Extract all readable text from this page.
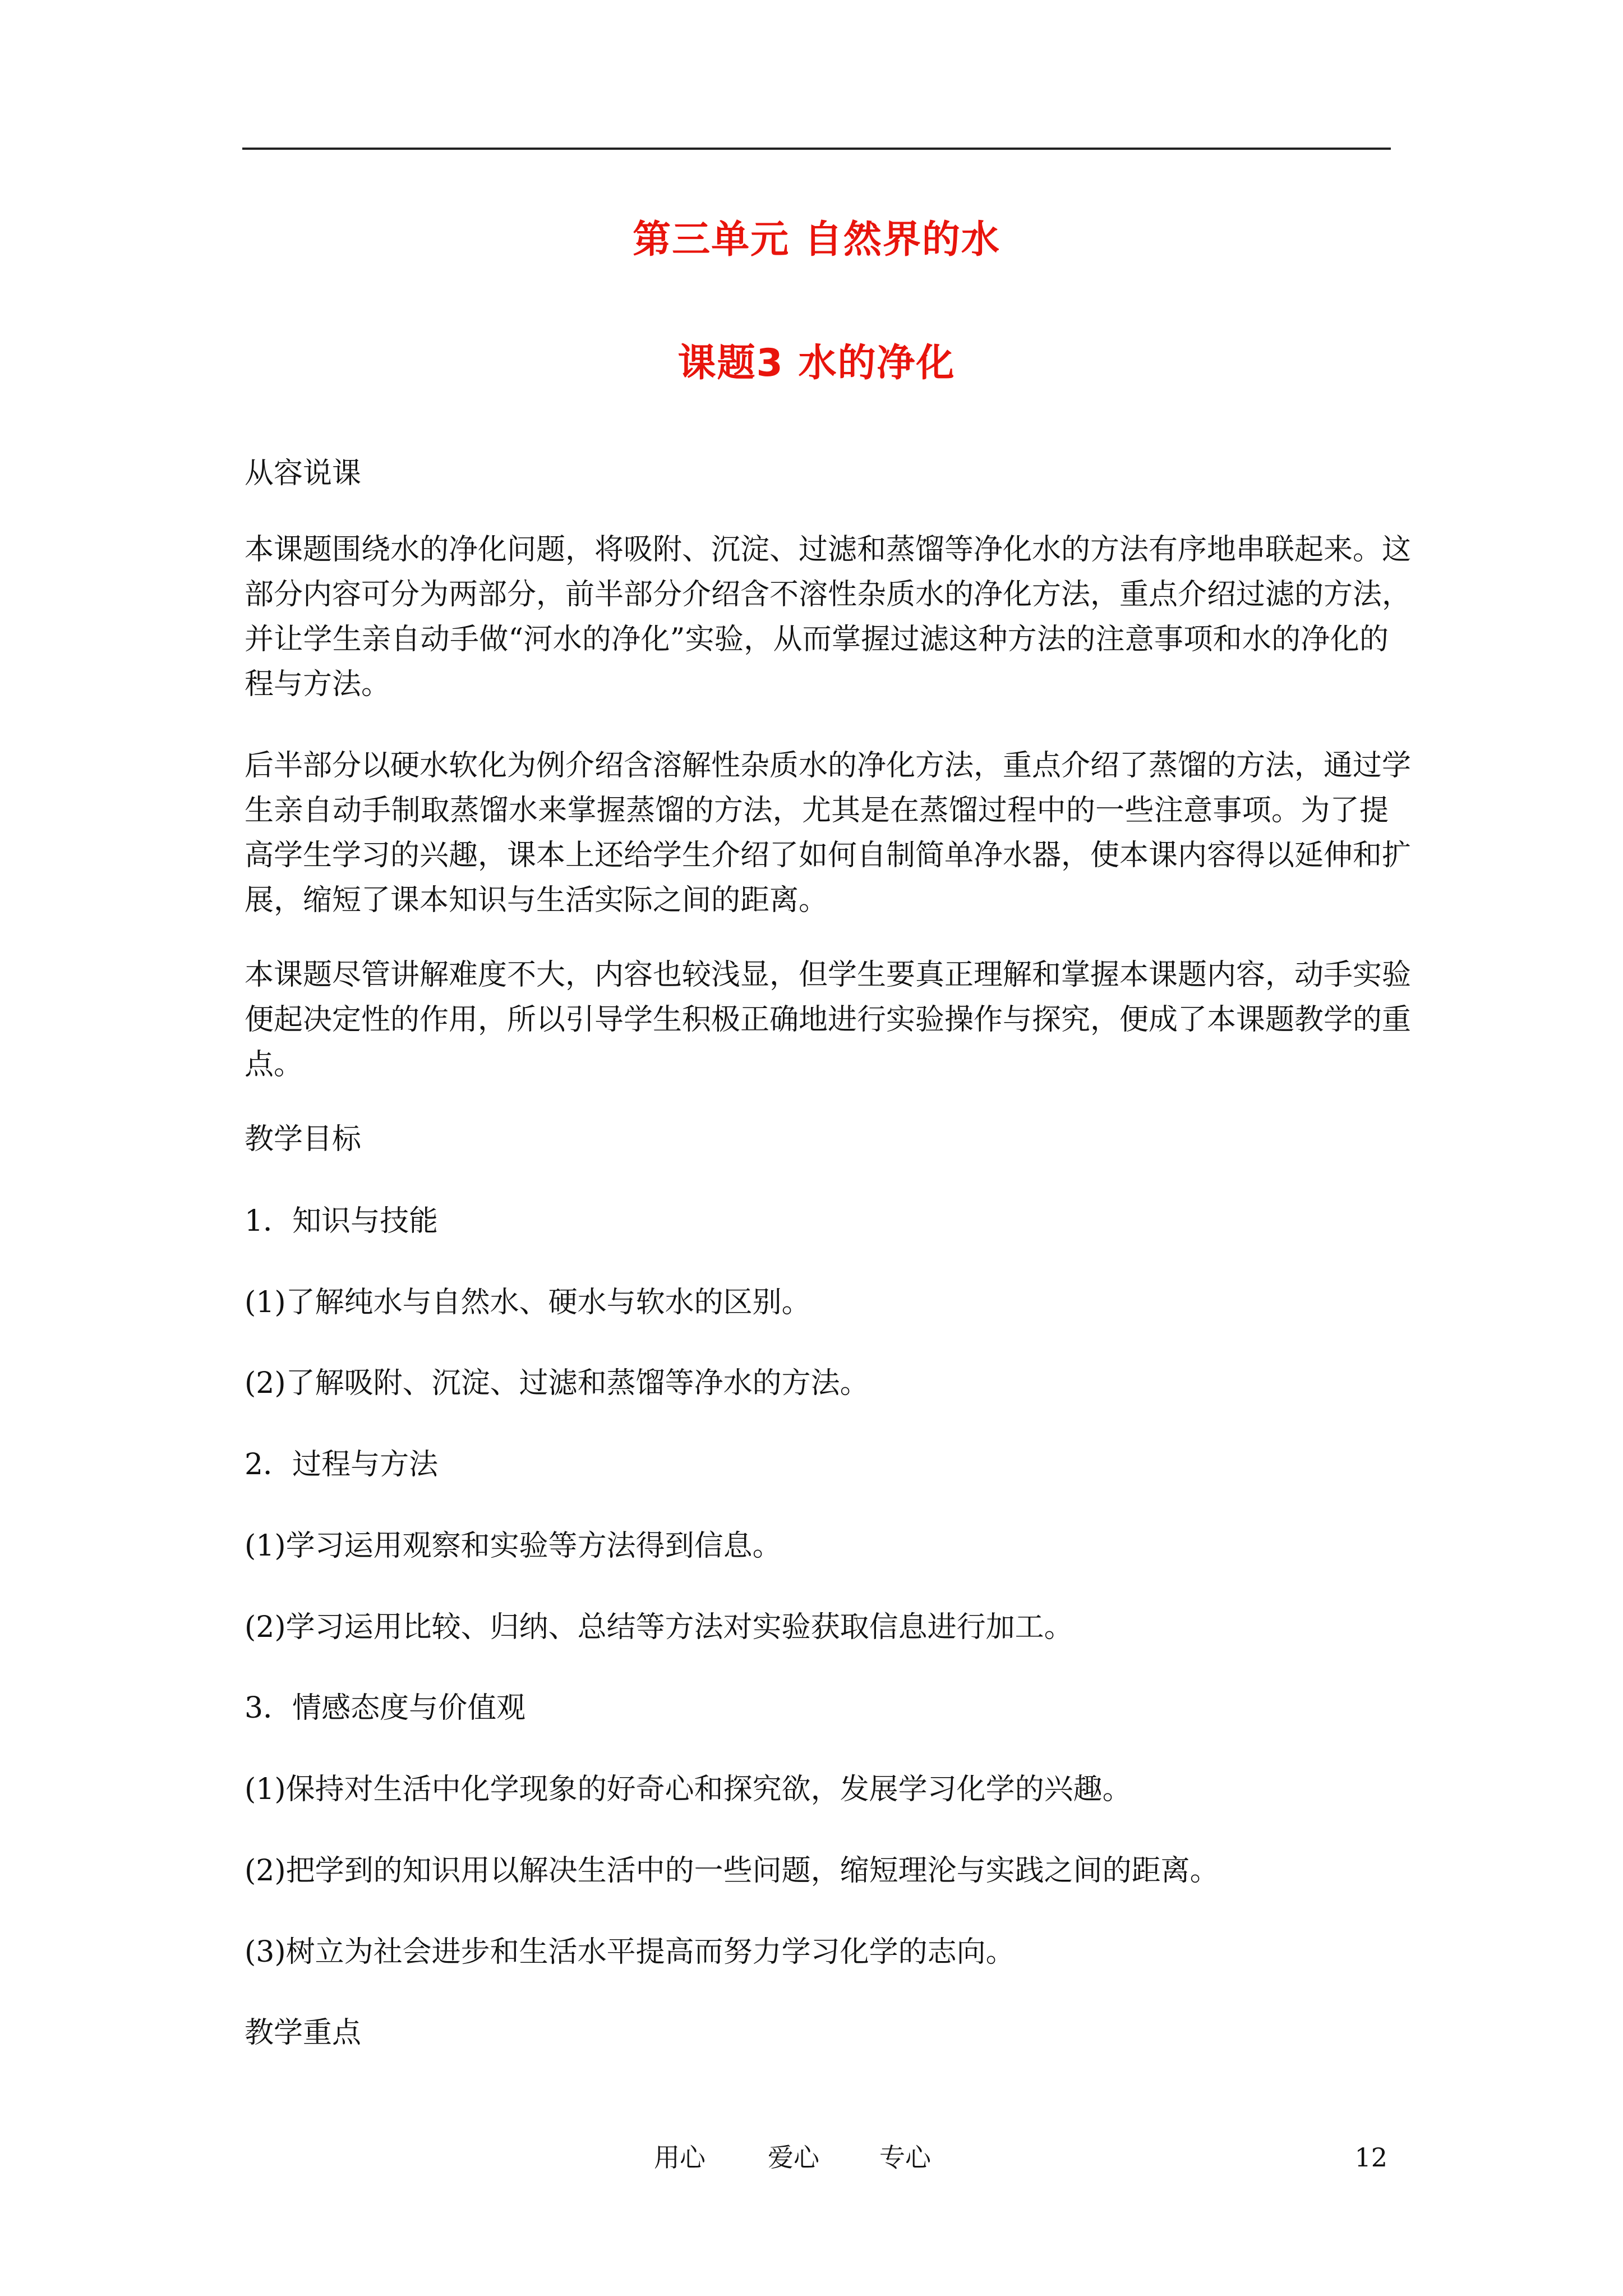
第三单元 自然界的水
课题3 水的净化
从容说课
本课题围绕水的净化问题，将吸附、沉淀、过滤和蒸馏等净化水的方法有序地串联起来。这
部分内容可分为两部分，前半部分介绍含不溶性杂质水的净化方法，重点介绍过滤的方法，
并让学生亲自动手做“河水的净化”实验，从而掌握过滤这种方法的注意事项和水的净化的
程与方法。
后半部分以硬水软化为例介绍含溶解性杂质水的净化方法，重点介绍了蒸馏的方法，通过学
生亲自动手制取蒸馏水来掌握蒸馏的方法，尤其是在蒸馏过程中的一些注意事项。为了提
高学生学习的兴趣，课本上还给学生介绍了如何自制简单净水器，使本课内容得以延伸和扩
展，缩短了课本知识与生活实际之间的距离。
本课题尽管讲解难度不大，内容也较浅显，但学生要真正理解和掌握本课题内容，动手实验
便起决定性的作用，所以引导学生积极正确地进行实验操作与探究，便成了本课题教学的重
点。
教学目标
1．知识与技能
(1)了解纯水与自然水、硬水与软水的区别。
(2)了解吸附、沉淀、过滤和蒸馏等净水的方法。
2．过程与方法
(1)学习运用观察和实验等方法得到信息。
(2)学习运用比较、归纳、总结等方法对实验获取信息进行加工。
3．情感态度与价值观
(1)保持对生活中化学现象的好奇心和探究欲，发展学习化学的兴趣。
(2)把学到的知识用以解决生活中的一些问题，缩短理沦与实践之间的距离。
(3)树立为社会进步和生活水平提高而努力学习化学的志向。
教学重点
用心 爱心 专心	12
